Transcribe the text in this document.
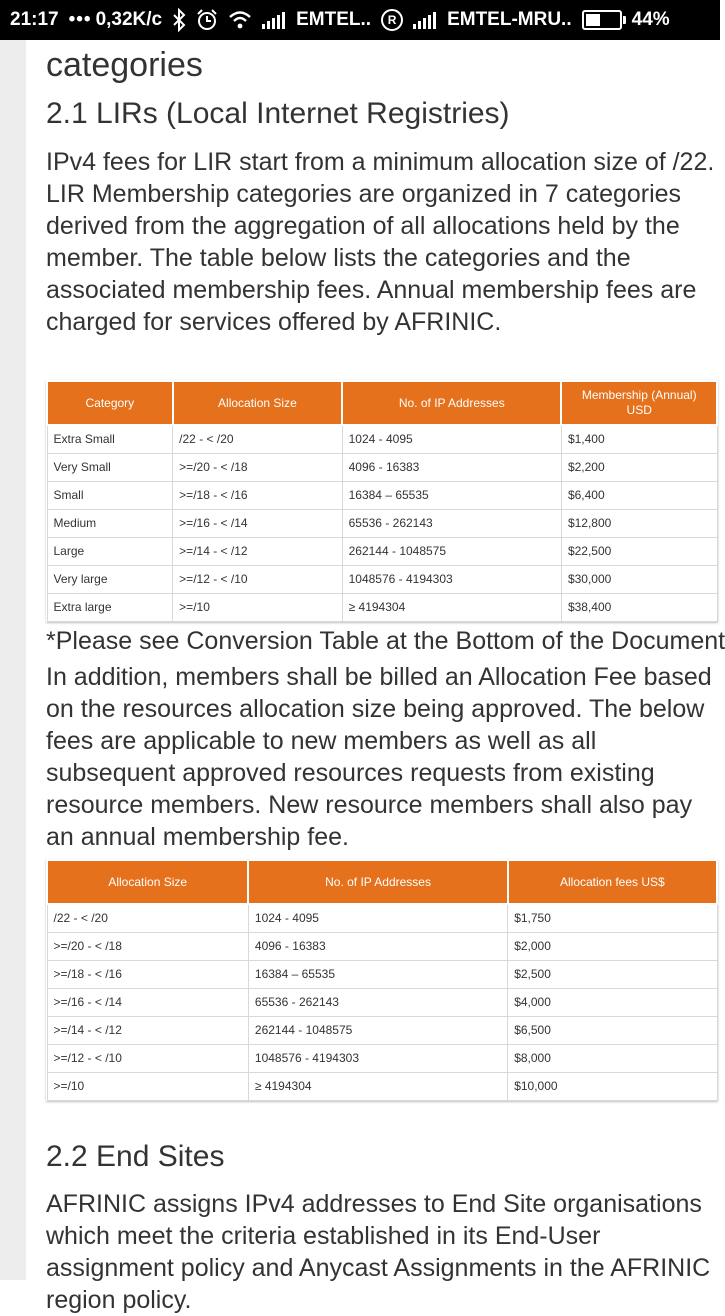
21:17 ••• 0,32K/c	EMTEL..	R	EMTEL-MRU..	44%
categories
2.1 LIRs (Local Internet Registries)

IPv4 fees for LIR start from a minimum allocation size of /22. LIR Membership categories are organized in 7 categories derived from the aggregation of all allocations held by the member. The table below lists the categories and the associated membership fees. Annual membership fees are charged for services offered by AFRINIC.

Category	Allocation Size	No. of IP Addresses	Membership (Annual) USD
Extra Small	/22 - < /20	1024 - 4095	$1,400
Very Small	>=/20 - < /18	4096 - 16383	$2,200
Small	>=/18 - < /16	16384 – 65535	$6,400
Medium	>=/16 - < /14	65536 - 262143	$12,800
Large	>=/14 - < /12	262144 - 1048575	$22,500
Very large	>=/12 - < /10	1048576 - 4194303	$30,000
Extra large	>=/10	≥ 4194304	$38,400

*Please see Conversion Table at the Bottom of the Document

In addition, members shall be billed an Allocation Fee based on the resources allocation size being approved. The below fees are applicable to new members as well as all subsequent approved resources requests from existing resource members. New resource members shall also pay an annual membership fee.

Allocation Size	No. of IP Addresses	Allocation fees US$
/22 - < /20	1024 - 4095	$1,750
>=/20 - < /18	4096 - 16383	$2,000
>=/18 - < /16	16384 – 65535	$2,500
>=/16 - < /14	65536 - 262143	$4,000
>=/14 - < /12	262144 - 1048575	$6,500
>=/12 - < /10	1048576 - 4194303	$8,000
>=/10	≥ 4194304	$10,000
2.2 End Sites

AFRINIC assigns IPv4 addresses to End Site organisations which meet the criteria established in its End-User assignment policy and Anycast Assignments in the AFRINIC region policy.
